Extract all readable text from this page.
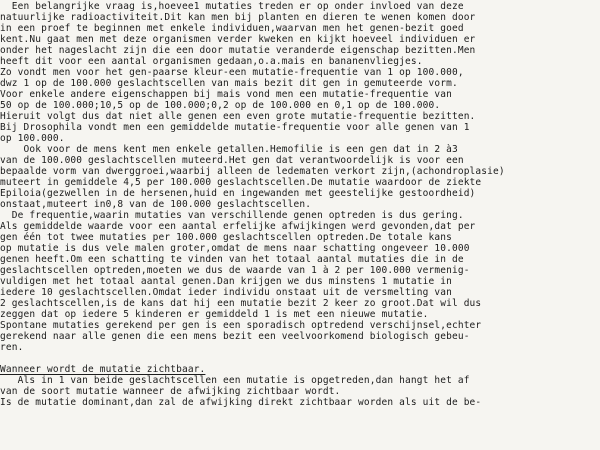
Een belangrijke vraag is,hoevee1 mutaties treden er op onder invloed van deze
natuurlijke radioactiviteit.Dit kan men bij planten en dieren te wenen komen door
in een proef te beginnen met enkele individuen,waarvan men het genen-bezit goed
kent.Nu gaat men met deze organismen verder kweken en kijkt hoeveel individuen er
onder het nageslacht zijn die een door mutatie veranderde eigenschap bezitten.Men
heeft dit voor een aantal organismen gedaan,o.a.mais en bananenvliegjes.
Zo vondt men voor het gen-paarse kleur-een mutatie-frequentie van 1 op 100.000,
dwz 1 op de 100.000 geslachtscellen van mais bezit dit gen in gemuteerde vorm.
Voor enkele andere eigenschappen bij mais vond men een mutatie-frequentie van
50 op de 100.000;10,5 op de 100.000;0,2 op de 100.000 en 0,1 op de 100.000.
Hieruit volgt dus dat niet alle genen een even grote mutatie-frequentie bezitten.
Bij Drosophila vondt men een gemiddelde mutatie-frequentie voor alle genen van 1
op 100.000.
Ook voor de mens kent men enkele getallen.Hemofilie is een gen dat in 2 à3
van de 100.000 geslachtscellen muteerd.Het gen dat verantwoordelijk is voor een
bepaalde vorm van dwerggroei,waarbij alleen de ledematen verkort zijn,(achondroplasie)
muteert in gemiddele 4,5 per 100.000 geslachtscellen.De mutatie waardoor de ziekte
Epiloia(gezwellen in de hersenen,huid en ingewanden met geestelijke gestoordheid)
onstaat,muteert in0,8 van de 100.000 geslachtscellen.
De frequentie,waarin mutaties van verschillende genen optreden is dus gering.
Als gemiddelde waarde voor een aantal erfelijke afwijkingen werd gevonden,dat per
gen één tot twee mutaties per 100.000 geslachtscellen optreden.De totale kans
op mutatie is dus vele malen groter,omdat de mens naar schatting ongeveer 10.000
genen heeft.Om een schatting te vinden van het totaal aantal mutaties die in de
geslachtscellen optreden,moeten we dus de waarde van 1 à 2 per 100.000 vermenig-
vuldigen met het totaal aantal genen.Dan krijgen we dus minstens 1 mutatie in
iedere 10 geslachtscellen.Omdat ieder individu onstaat uit de versmelting van
2 geslachtscellen,is de kans dat hij een mutatie bezit 2 keer zo groot.Dat wil dus
zeggen dat op iedere 5 kinderen er gemiddeld 1 is met een nieuwe mutatie.
Spontane mutaties gerekend per gen is een sporadisch optredend verschijnsel,echter
gerekend naar alle genen die een mens bezit een veelvoorkomend biologisch gebeu-
ren.
Wanneer wordt de mutatie zichtbaar.
Als in 1 van beide geslachtscellen een mutatie is opgetreden,dan hangt het af
van de soort mutatie wanneer de afwijking zichtbaar wordt.
Is de mutatie dominant,dan zal de afwijking direkt zichtbaar worden als uit de be-
